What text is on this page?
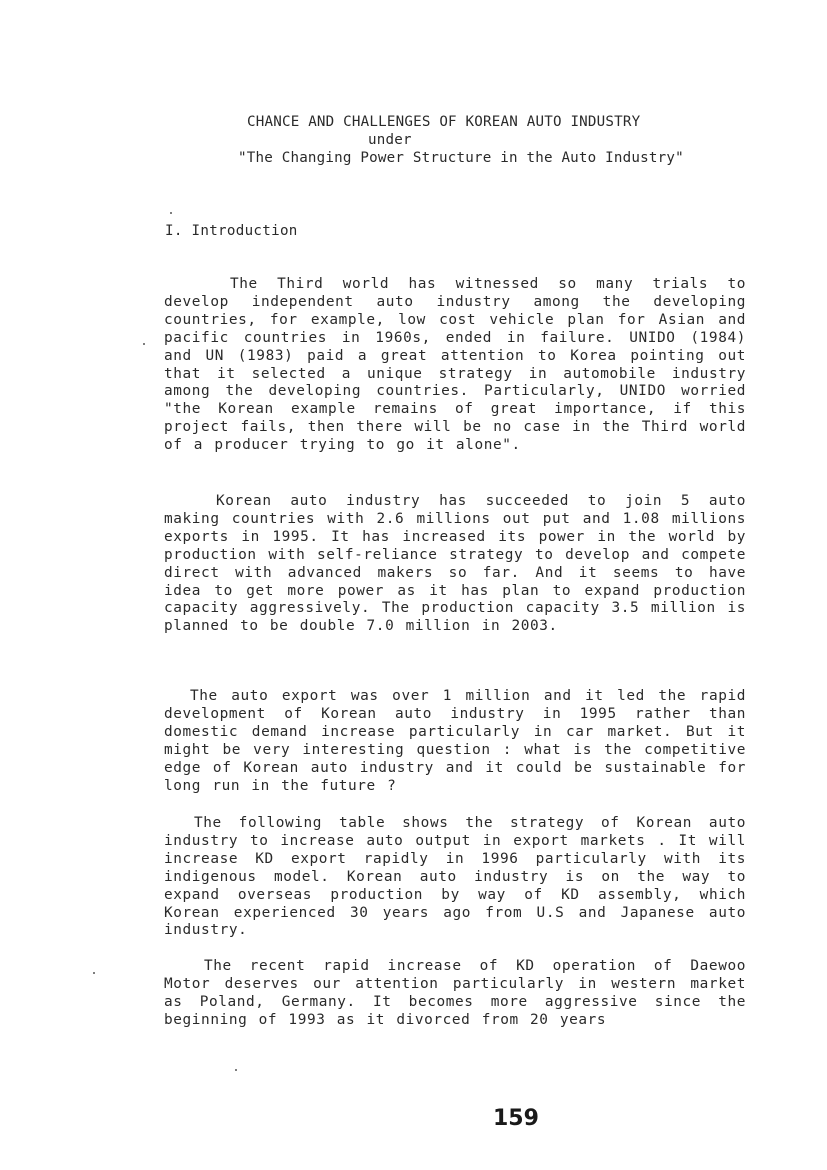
CHANCE AND CHALLENGES OF KOREAN AUTO INDUSTRY
under
"The Changing Power Structure in the Auto Industry"
I. Introduction

The Third world has witnessed so many trials to develop independent auto industry among the developing countries, for example, low cost vehicle plan for Asian and pacific countries in 1960s, ended in failure. UNIDO (1984) and UN (1983) paid a great attention to Korea pointing out that it selected a unique strategy in automobile industry among the developing countries. Particularly, UNIDO worried "the Korean example remains of great importance, if this project fails, then there will be no case in the Third world of a producer trying to go it alone".

Korean auto industry has succeeded to join 5 auto making countries with 2.6 millions out put and 1.08 millions exports in 1995. It has increased its power in the world by production with self-reliance strategy to develop and compete direct with advanced makers so far. And it seems to have idea to get more power as it has plan to expand production capacity aggressively. The production capacity 3.5 million is planned to be double 7.0 million in 2003.

The auto export was over 1 million and it led the rapid development of Korean auto industry in 1995 rather than domestic demand increase particularly in car market. But it might be very interesting question : what is the competitive edge of Korean auto industry and it could be sustainable for long run in the future ?

The following table shows the strategy of Korean auto industry to increase auto output in export markets . It will increase KD export rapidly in 1996 particularly with its indigenous model. Korean auto industry is on the way to expand overseas production by way of KD assembly, which Korean experienced 30 years ago from U.S and Japanese auto industry.

The recent rapid increase of KD operation of Daewoo Motor deserves our attention particularly in western market as Poland, Germany. It becomes more aggressive since the beginning of 1993 as it divorced from 20 years

159
